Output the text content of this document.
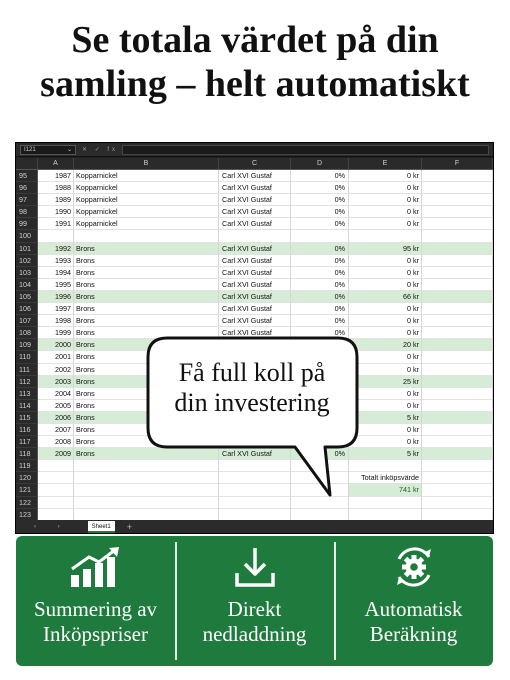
Se totala värdet på din
samling – helt automatiskt
I121	⌄ ✕ ✓ fx
A	B	C	D	E	F
95	1987 Kopparnickel	Carl XVI Gustaf	0%	0 kr
96	1988 Kopparnickel	Carl XVI Gustaf	0%	0 kr
97	1989 Kopparnickel	Carl XVI Gustaf	0%	0 kr
98	1990 Kopparnickel	Carl XVI Gustaf	0%	0 kr
99	1991 Kopparnickel	Carl XVI Gustaf	0%	0 kr
100
101	1992 Brons	Carl XVI Gustaf	0%	95 kr
102	1993 Brons	Carl XVI Gustaf	0%	0 kr
103	1994 Brons	Carl XVI Gustaf	0%	0 kr
104	1995 Brons	Carl XVI Gustaf	0%	0 kr
105	1996 Brons	Carl XVI Gustaf	0%	66 kr
106	1997 Brons	Carl XVI Gustaf	0%	0 kr
107	1998 Brons	Carl XVI Gustaf	0%	0 kr
108	1999 Brons	Carl XVI Gustaf	0%	0 kr
109	2000 Brons	20 kr
110	2001 Brons	0 kr
111	2002 Brons	0 kr
112	2003 Brons	25 kr
113	2004 Brons	0 kr
114	2005 Brons	0 kr
115	2006 Brons	5 kr
116	2007 Brons	0 kr
117	2008 Brons	0 kr
118	2009 Brons	Carl XVI Gustaf	0%	5 kr
119
120	Totalt inköpsvärde
121	741 kr
122
123
‹ ›	Sheet1	+
Få full koll på
din investering
Summering av
Inköpspriser
Direkt
nedladdning
Automatisk
Beräkning
